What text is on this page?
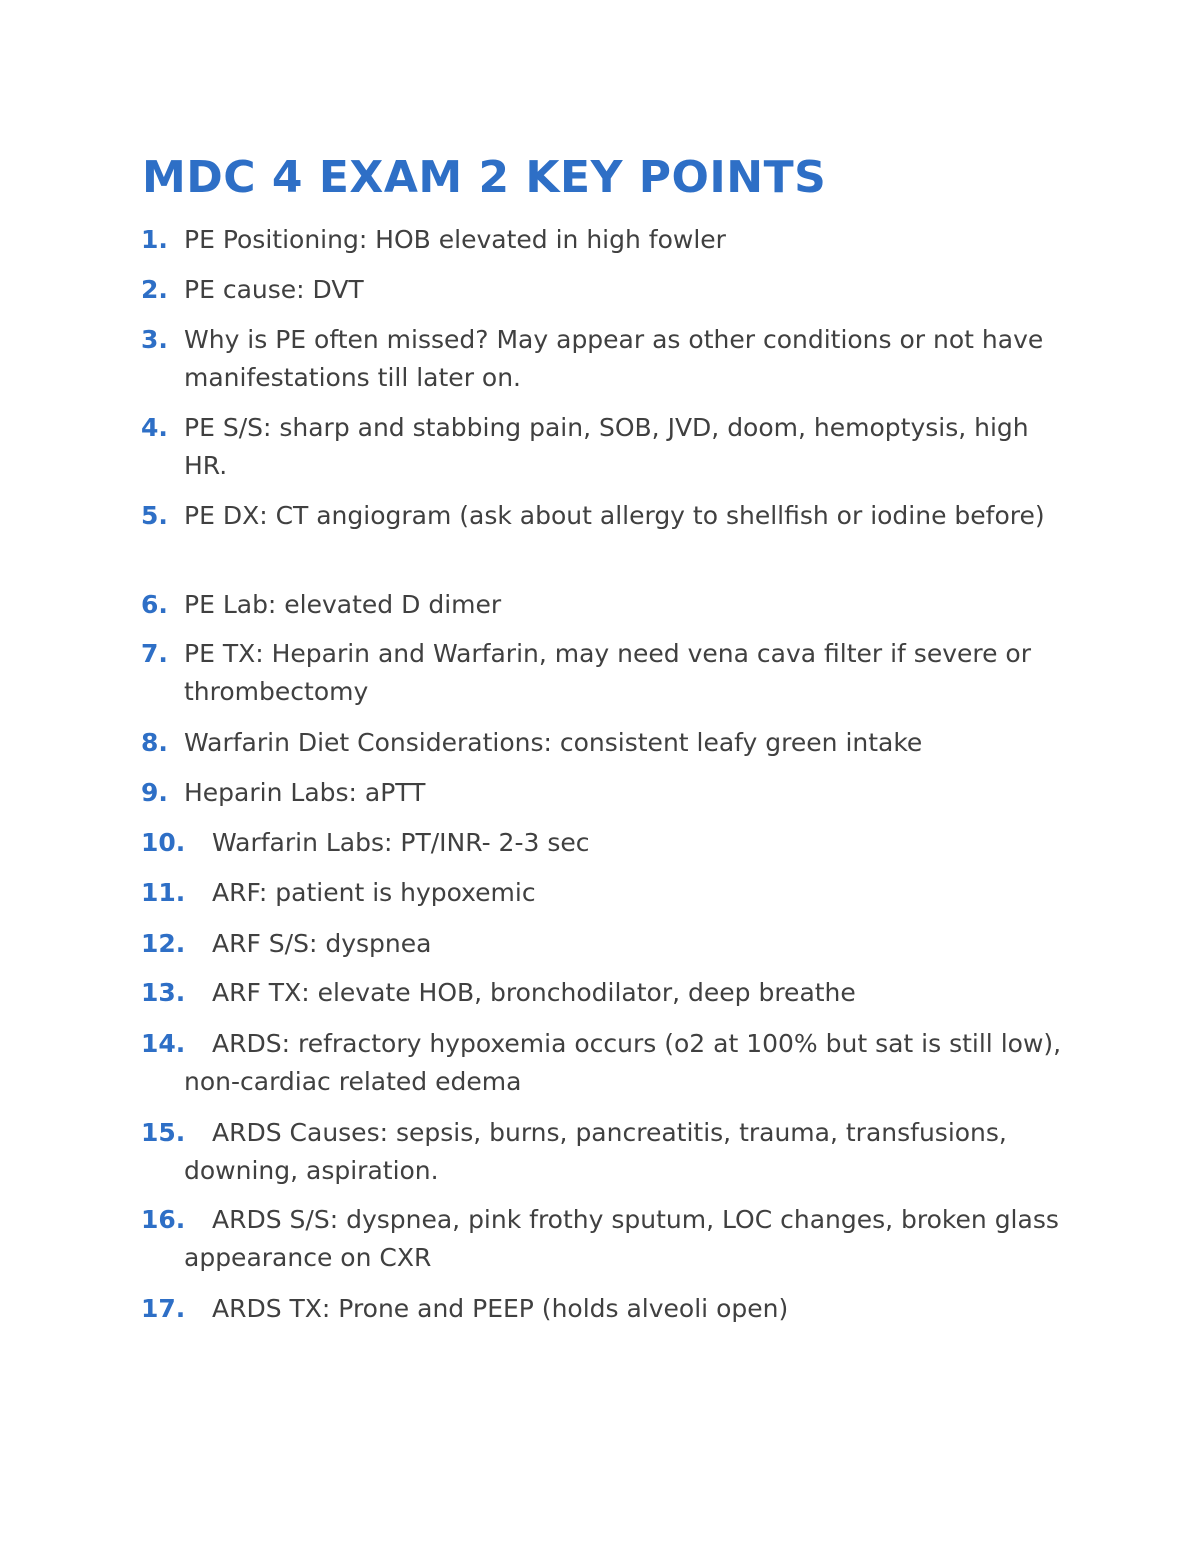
MDC 4 EXAM 2 KEY POINTS
1. PE Positioning: HOB elevated in high fowler
2. PE cause: DVT
3. Why is PE often missed? May appear as other conditions or not have manifestations till later on.
4. PE S/S: sharp and stabbing pain, SOB, JVD, doom, hemoptysis, high HR.
5. PE DX: CT angiogram (ask about allergy to shellfish or iodine before)
6. PE Lab: elevated D dimer
7. PE TX: Heparin and Warfarin, may need vena cava filter if severe or thrombectomy
8. Warfarin Diet Considerations: consistent leafy green intake
9. Heparin Labs: aPTT
10.	Warfarin Labs: PT/INR- 2-3 sec
11.	ARF: patient is hypoxemic
12.	ARF S/S: dyspnea
13.	ARF TX: elevate HOB, bronchodilator, deep breathe
14.	ARDS: refractory hypoxemia occurs (o2 at 100% but sat is still low), non-cardiac related edema
15.	ARDS Causes: sepsis, burns, pancreatitis, trauma, transfusions, downing, aspiration.
16.	ARDS S/S: dyspnea, pink frothy sputum, LOC changes, broken glass appearance on CXR
17.	ARDS TX: Prone and PEEP (holds alveoli open)
